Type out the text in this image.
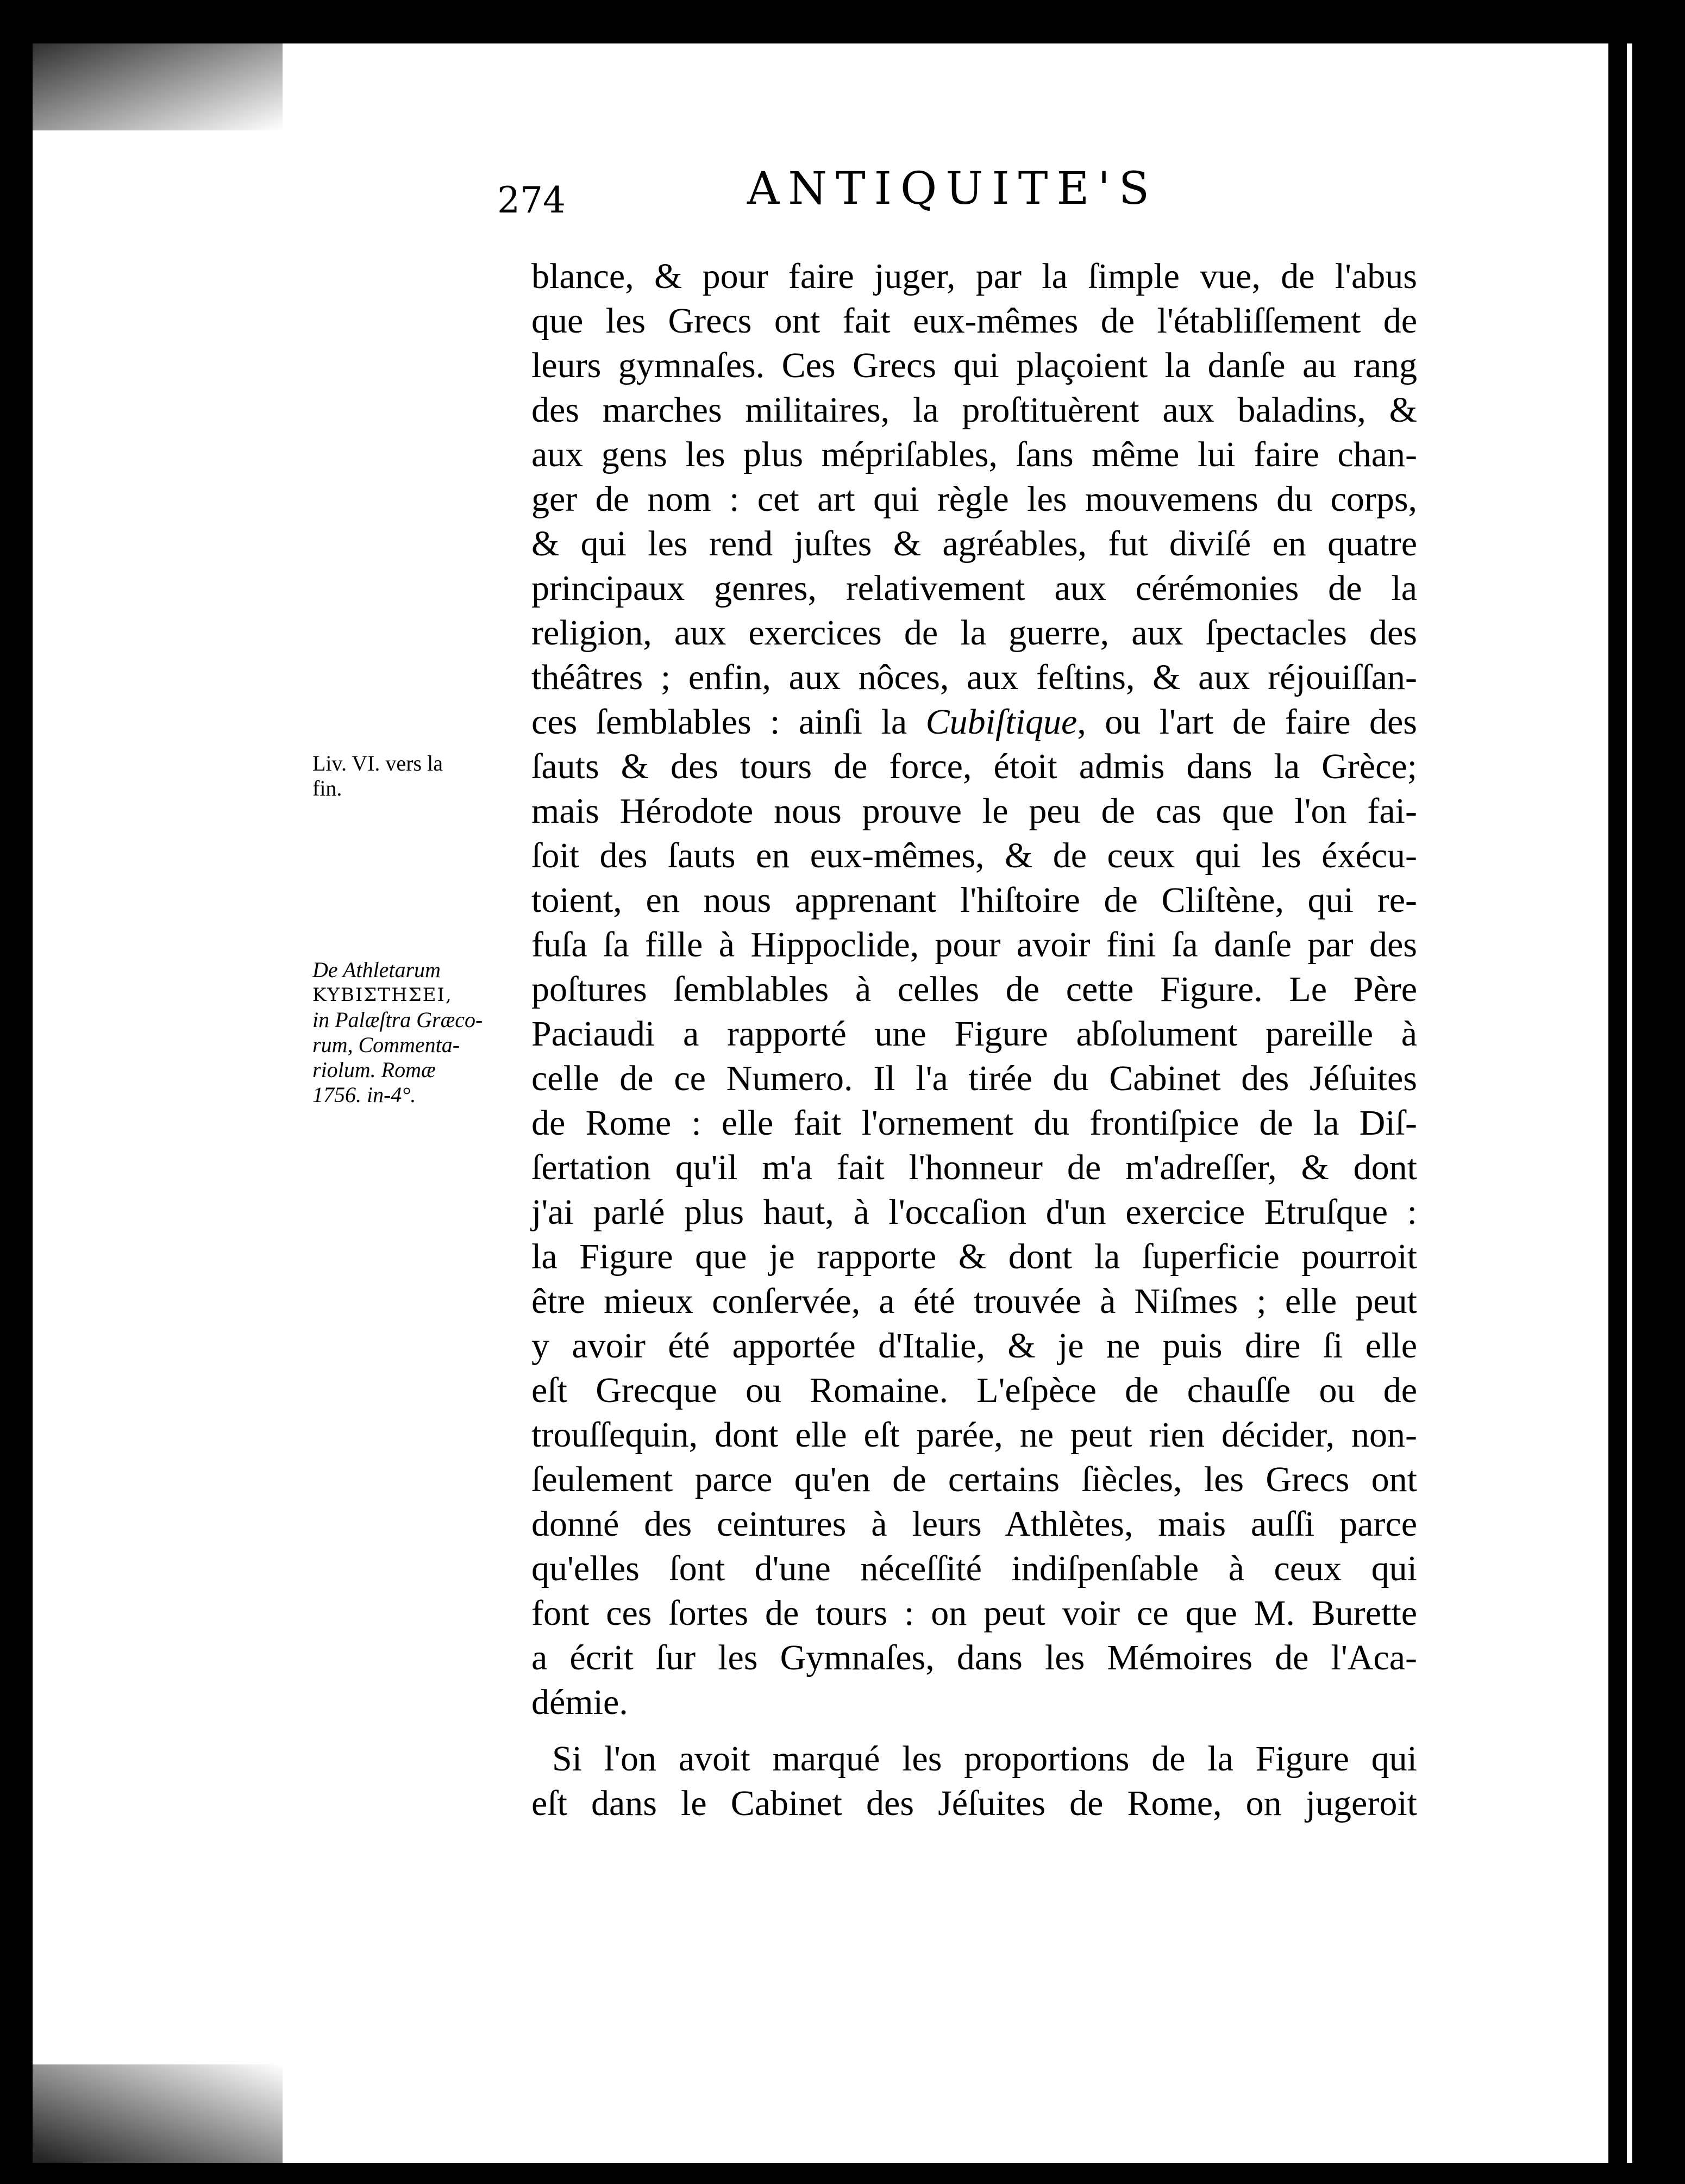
274	ANTIQUITE'S
blance, & pour faire juger, par la ſimple vue, de l'abus
que les Grecs ont fait eux-mêmes de l'établiſſement de
leurs gymnaſes. Ces Grecs qui plaçoient la danſe au rang
des marches militaires, la proſtituèrent aux baladins, &
aux gens les plus mépriſables, ſans même lui faire chan-
ger de nom : cet art qui règle les mouvemens du corps,
& qui les rend juſtes & agréables, fut diviſé en quatre
principaux genres, relativement aux cérémonies de la
religion, aux exercices de la guerre, aux ſpectacles des
théâtres ; enfin, aux nôces, aux feſtins, & aux réjouiſſan-
ces ſemblables : ainſi la Cubiſtique, ou l'art de faire des
ſauts & des tours de force, étoit admis dans la Grèce;
mais Hérodote nous prouve le peu de cas que l'on fai-
ſoit des ſauts en eux-mêmes, & de ceux qui les éxécu-
toient, en nous apprenant l'hiſtoire de Cliſtène, qui re-
fuſa ſa fille à Hippoclide, pour avoir fini ſa danſe par des
poſtures ſemblables à celles de cette Figure. Le Père
Paciaudi a rapporté une Figure abſolument pareille à
celle de ce Numero. Il l'a tirée du Cabinet des Jéſuites
de Rome : elle fait l'ornement du frontiſpice de la Diſ-
ſertation qu'il m'a fait l'honneur de m'adreſſer, & dont
j'ai parlé plus haut, à l'occaſion d'un exercice Etruſque :
la Figure que je rapporte & dont la ſuperficie pourroit
être mieux conſervée, a été trouvée à Niſmes ; elle peut
y avoir été apportée d'Italie, & je ne puis dire ſi elle
eſt Grecque ou Romaine. L'eſpèce de chauſſe ou de
trouſſequin, dont elle eſt parée, ne peut rien décider, non-
ſeulement parce qu'en de certains ſiècles, les Grecs ont
donné des ceintures à leurs Athlètes, mais auſſi parce
qu'elles ſont d'une néceſſité indiſpenſable à ceux qui
font ces ſortes de tours : on peut voir ce que M. Burette
a écrit ſur les Gymnaſes, dans les Mémoires de l'Aca-
démie.
Si l'on avoit marqué les proportions de la Figure qui
eſt dans le Cabinet des Jéſuites de Rome, on jugeroit
Liv. VI. vers la
fin.
De Athletarum
ΚΥΒΙΣΤΗΣΕΙ,
in Palæſtra Græco-
rum, Commenta-
riolum. Romæ
1756. in-4°.
